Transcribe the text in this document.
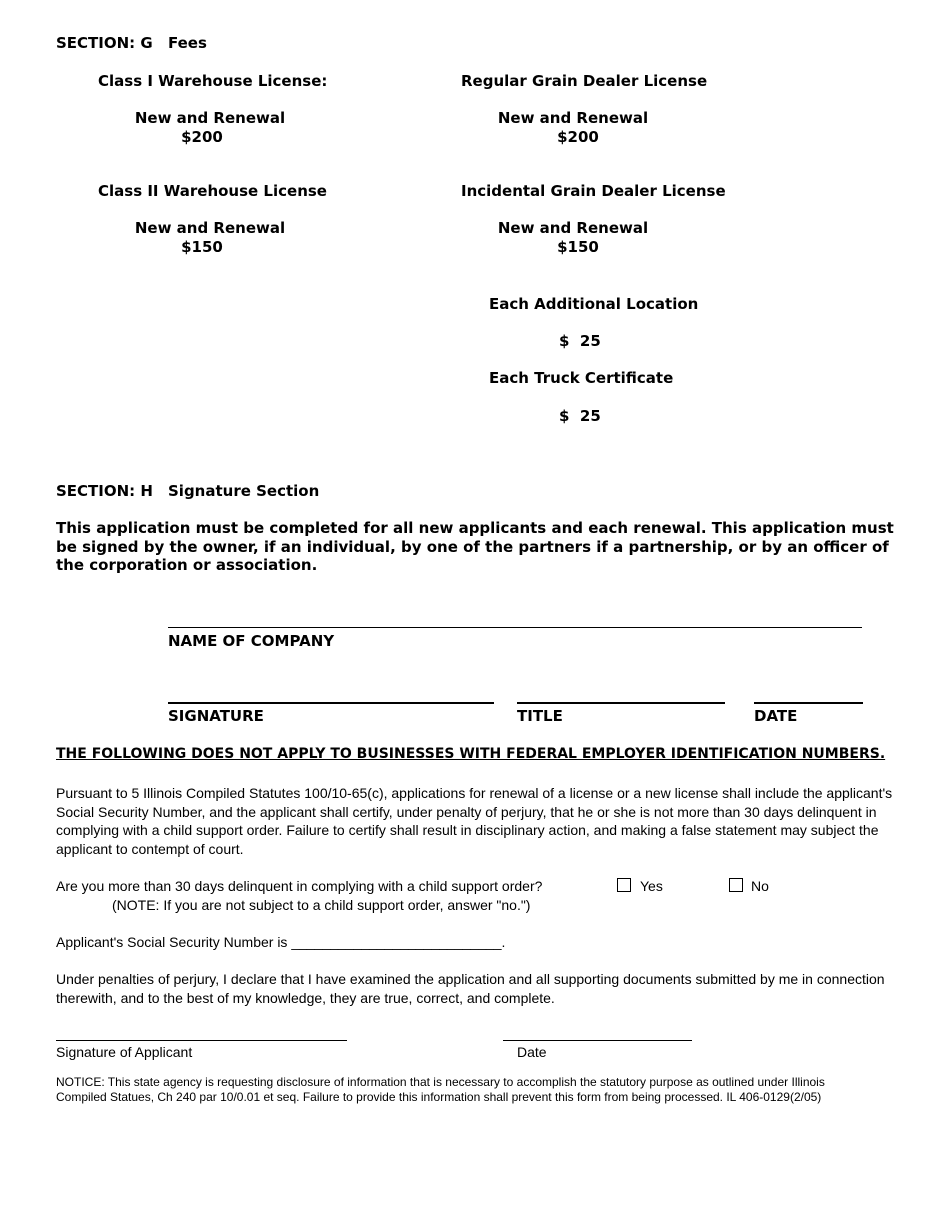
SECTION: G Fees
Class I Warehouse License:
New and Renewal
$200
Class II Warehouse License
New and Renewal
$150
Regular Grain Dealer License
New and Renewal
$200
Incidental Grain Dealer License
New and Renewal
$150
Each Additional Location
$  25
Each Truck Certificate
$  25
SECTION: H Signature Section
This application must be completed for all new applicants and each renewal. This application must be signed by the owner, if an individual, by one of the partners if a partnership, or by an officer of the corporation or association.
NAME OF COMPANY
SIGNATURE	TITLE	DATE
THE FOLLOWING DOES NOT APPLY TO BUSINESSES WITH FEDERAL EMPLOYER IDENTIFICATION NUMBERS.
Pursuant to 5 Illinois Compiled Statutes 100/10-65(c), applications for renewal of a license or a new license shall include the applicant's Social Security Number, and the applicant shall certify, under penalty of perjury, that he or she is not more than 30 days delinquent in complying with a child support order. Failure to certify shall result in disciplinary action, and making a false statement may subject the applicant to contempt of court.
Are you more than 30 days delinquent in complying with a child support order?
(NOTE: If you are not subject to a child support order, answer "no.")
Yes	No
Applicant's Social Security Number is ___________________________.
Under penalties of perjury, I declare that I have examined the application and all supporting documents submitted by me in connection therewith, and to the best of my knowledge, they are true, correct, and complete.
Signature of Applicant	Date
NOTICE: This state agency is requesting disclosure of information that is necessary to accomplish the statutory purpose as outlined under Illinois
Compiled Statues, Ch 240 par 10/0.01 et seq. Failure to provide this information shall prevent this form from being processed. IL 406-0129(2/05)
